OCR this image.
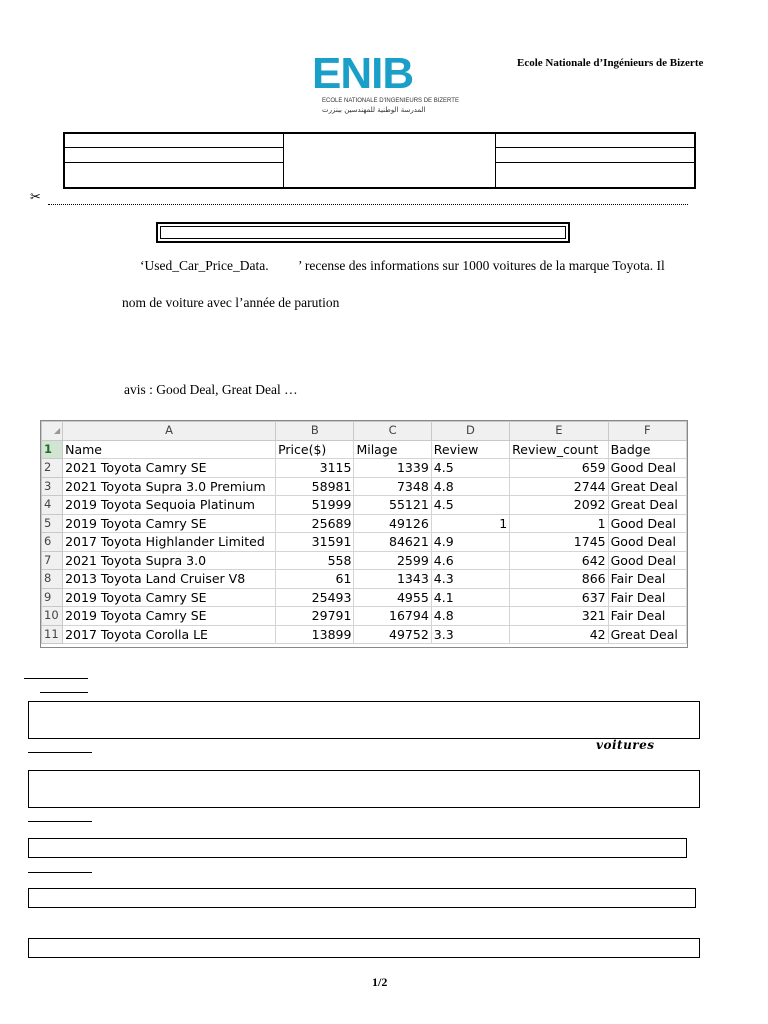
ENIB
ECOLE NATIONALE D'INGENIEURS DE BIZERTE
المدرسة الوطنية للمهندسين ببنزرت
Ecole Nationale d’Ingénieurs de Bizerte
✂
‘Used_Car_Price_Data. ’ recense des informations sur 1000 voitures de la marque Toyota. Il
nom de voiture avec l’année de parution
avis : Good Deal, Great Deal …
◢	A	B	C	D	E	F
1	Name	Price($)	Milage	Review	Review_count	Badge
2	2021 Toyota Camry SE	3115	1339	4.5	659	Good Deal
3	2021 Toyota Supra 3.0 Premium	58981	7348	4.8	2744	Great Deal
4	2019 Toyota Sequoia Platinum	51999	55121	4.5	2092	Great Deal
5	2019 Toyota Camry SE	25689	49126	1	1	Good Deal
6	2017 Toyota Highlander Limited	31591	84621	4.9	1745	Good Deal
7	2021 Toyota Supra 3.0	558	2599	4.6	642	Good Deal
8	2013 Toyota Land Cruiser V8	61	1343	4.3	866	Fair Deal
9	2019 Toyota Camry SE	25493	4955	4.1	637	Fair Deal
10	2019 Toyota Camry SE	29791	16794	4.8	321	Fair Deal
11	2017 Toyota Corolla LE	13899	49752	3.3	42	Great Deal
voitures
1/2
